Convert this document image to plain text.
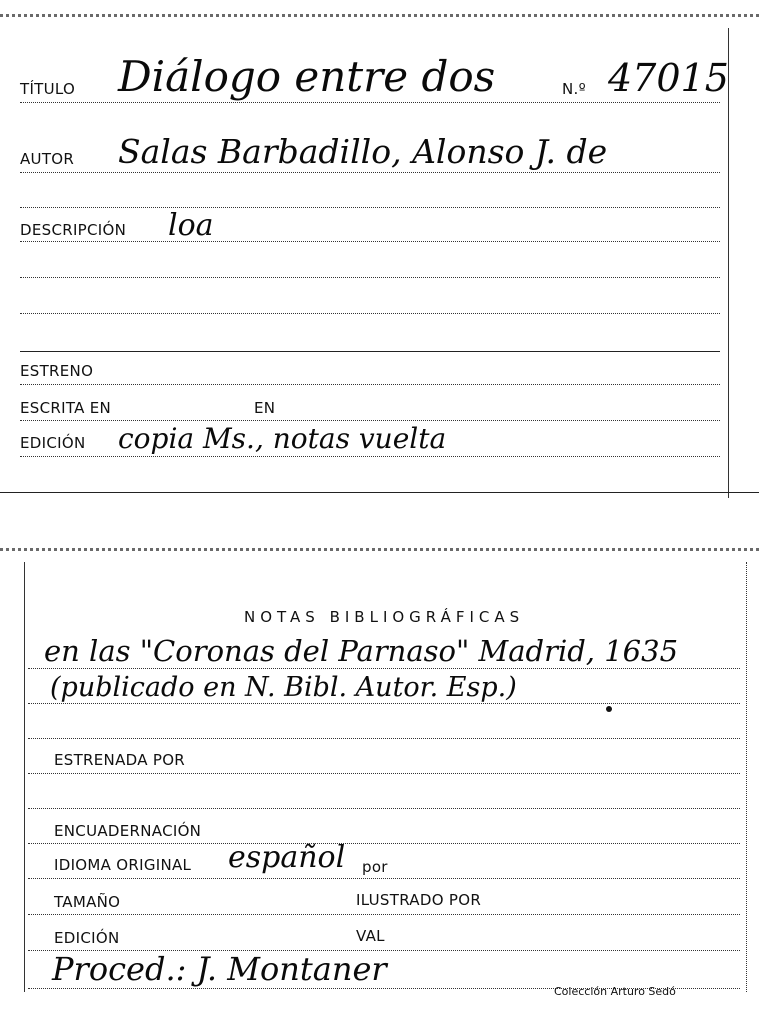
TÍTULO Diálogo entre dos	N.º 47015
AUTOR Salas Barbadillo, Alonso J. de
DESCRIPCIÓN loa
ESTRENO
ESCRITA EN	EN
EDICIÓN copia Ms., notas vuelta
NOTAS BIBLIOGRÁFICAS
en las "Coronas del Parnaso" Madrid, 1635
(publicado en N. Bibl. Autor. Esp.)
ESTRENADA POR
ENCUADERNACIÓN
IDIOMA ORIGINAL español por
TAMAÑO	ILUSTRADO POR
EDICIÓN	VAL
Proced.: J. Montaner
Colección Arturo Sedó
